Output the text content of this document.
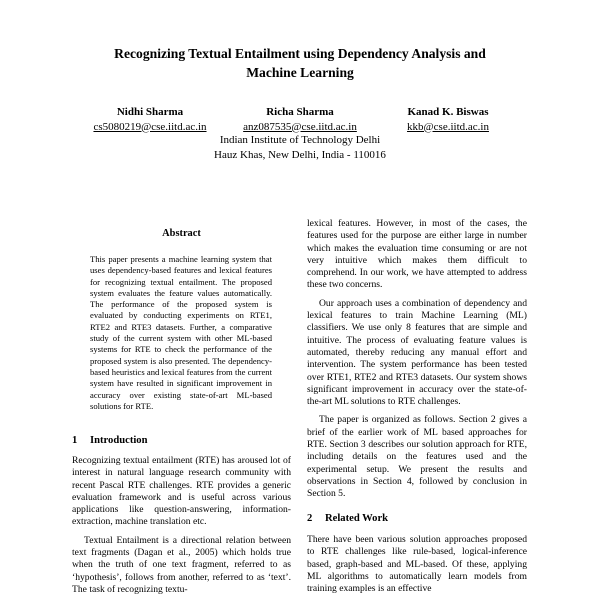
Recognizing Textual Entailment using Dependency Analysis and
Machine Learning
Nidhi Sharma
cs5080219@cse.iitd.ac.in
Richa Sharma
anz087535@cse.iitd.ac.in
Kanad K. Biswas
kkb@cse.iitd.ac.in
Indian Institute of Technology Delhi
Hauz Khas, New Delhi, India - 110016
Abstract

This paper presents a machine learning system that uses dependency-based features and lexical features for recognizing textual entailment. The proposed system evaluates the feature values automatically. The performance of the proposed system is evaluated by conducting experiments on RTE1, RTE2 and RTE3 datasets. Further, a comparative study of the current system with other ML-based systems for RTE to check the performance of the proposed system is also presented. The dependency-based heuristics and lexical features from the current system have resulted in significant improvement in accuracy over existing state-of-art ML-based solutions for RTE.

1 Introduction

Recognizing textual entailment (RTE) has aroused lot of interest in natural language research community with recent Pascal RTE challenges. RTE provides a generic evaluation framework and is useful across various applications like question-answering, information-extraction, machine translation etc.

Textual Entailment is a directional relation between text fragments (Dagan et al., 2005) which holds true when the truth of one text fragment, referred to as ‘hypothesis’, follows from another, referred to as ‘text’. The task of recognizing textu-

lexical features. However, in most of the cases, the features used for the purpose are either large in number which makes the evaluation time consuming or are not very intuitive which makes them difficult to comprehend. In our work, we have attempted to address these two concerns.

Our approach uses a combination of dependency and lexical features to train Machine Learning (ML) classifiers. We use only 8 features that are simple and intuitive. The process of evaluating feature values is automated, thereby reducing any manual effort and intervention. The system performance has been tested over RTE1, RTE2 and RTE3 datasets. Our system shows significant improvement in accuracy over the state-of-the-art ML solutions to RTE challenges.

The paper is organized as follows. Section 2 gives a brief of the earlier work of ML based approaches for RTE. Section 3 describes our solution approach for RTE, including details on the features used and the experimental setup. We present the results and observations in Section 4, followed by conclusion in Section 5.

2 Related Work

There have been various solution approaches proposed to RTE challenges like rule-based, logical-inference based, graph-based and ML-based. Of these, applying ML algorithms to automatically learn models from training examples is an effective
